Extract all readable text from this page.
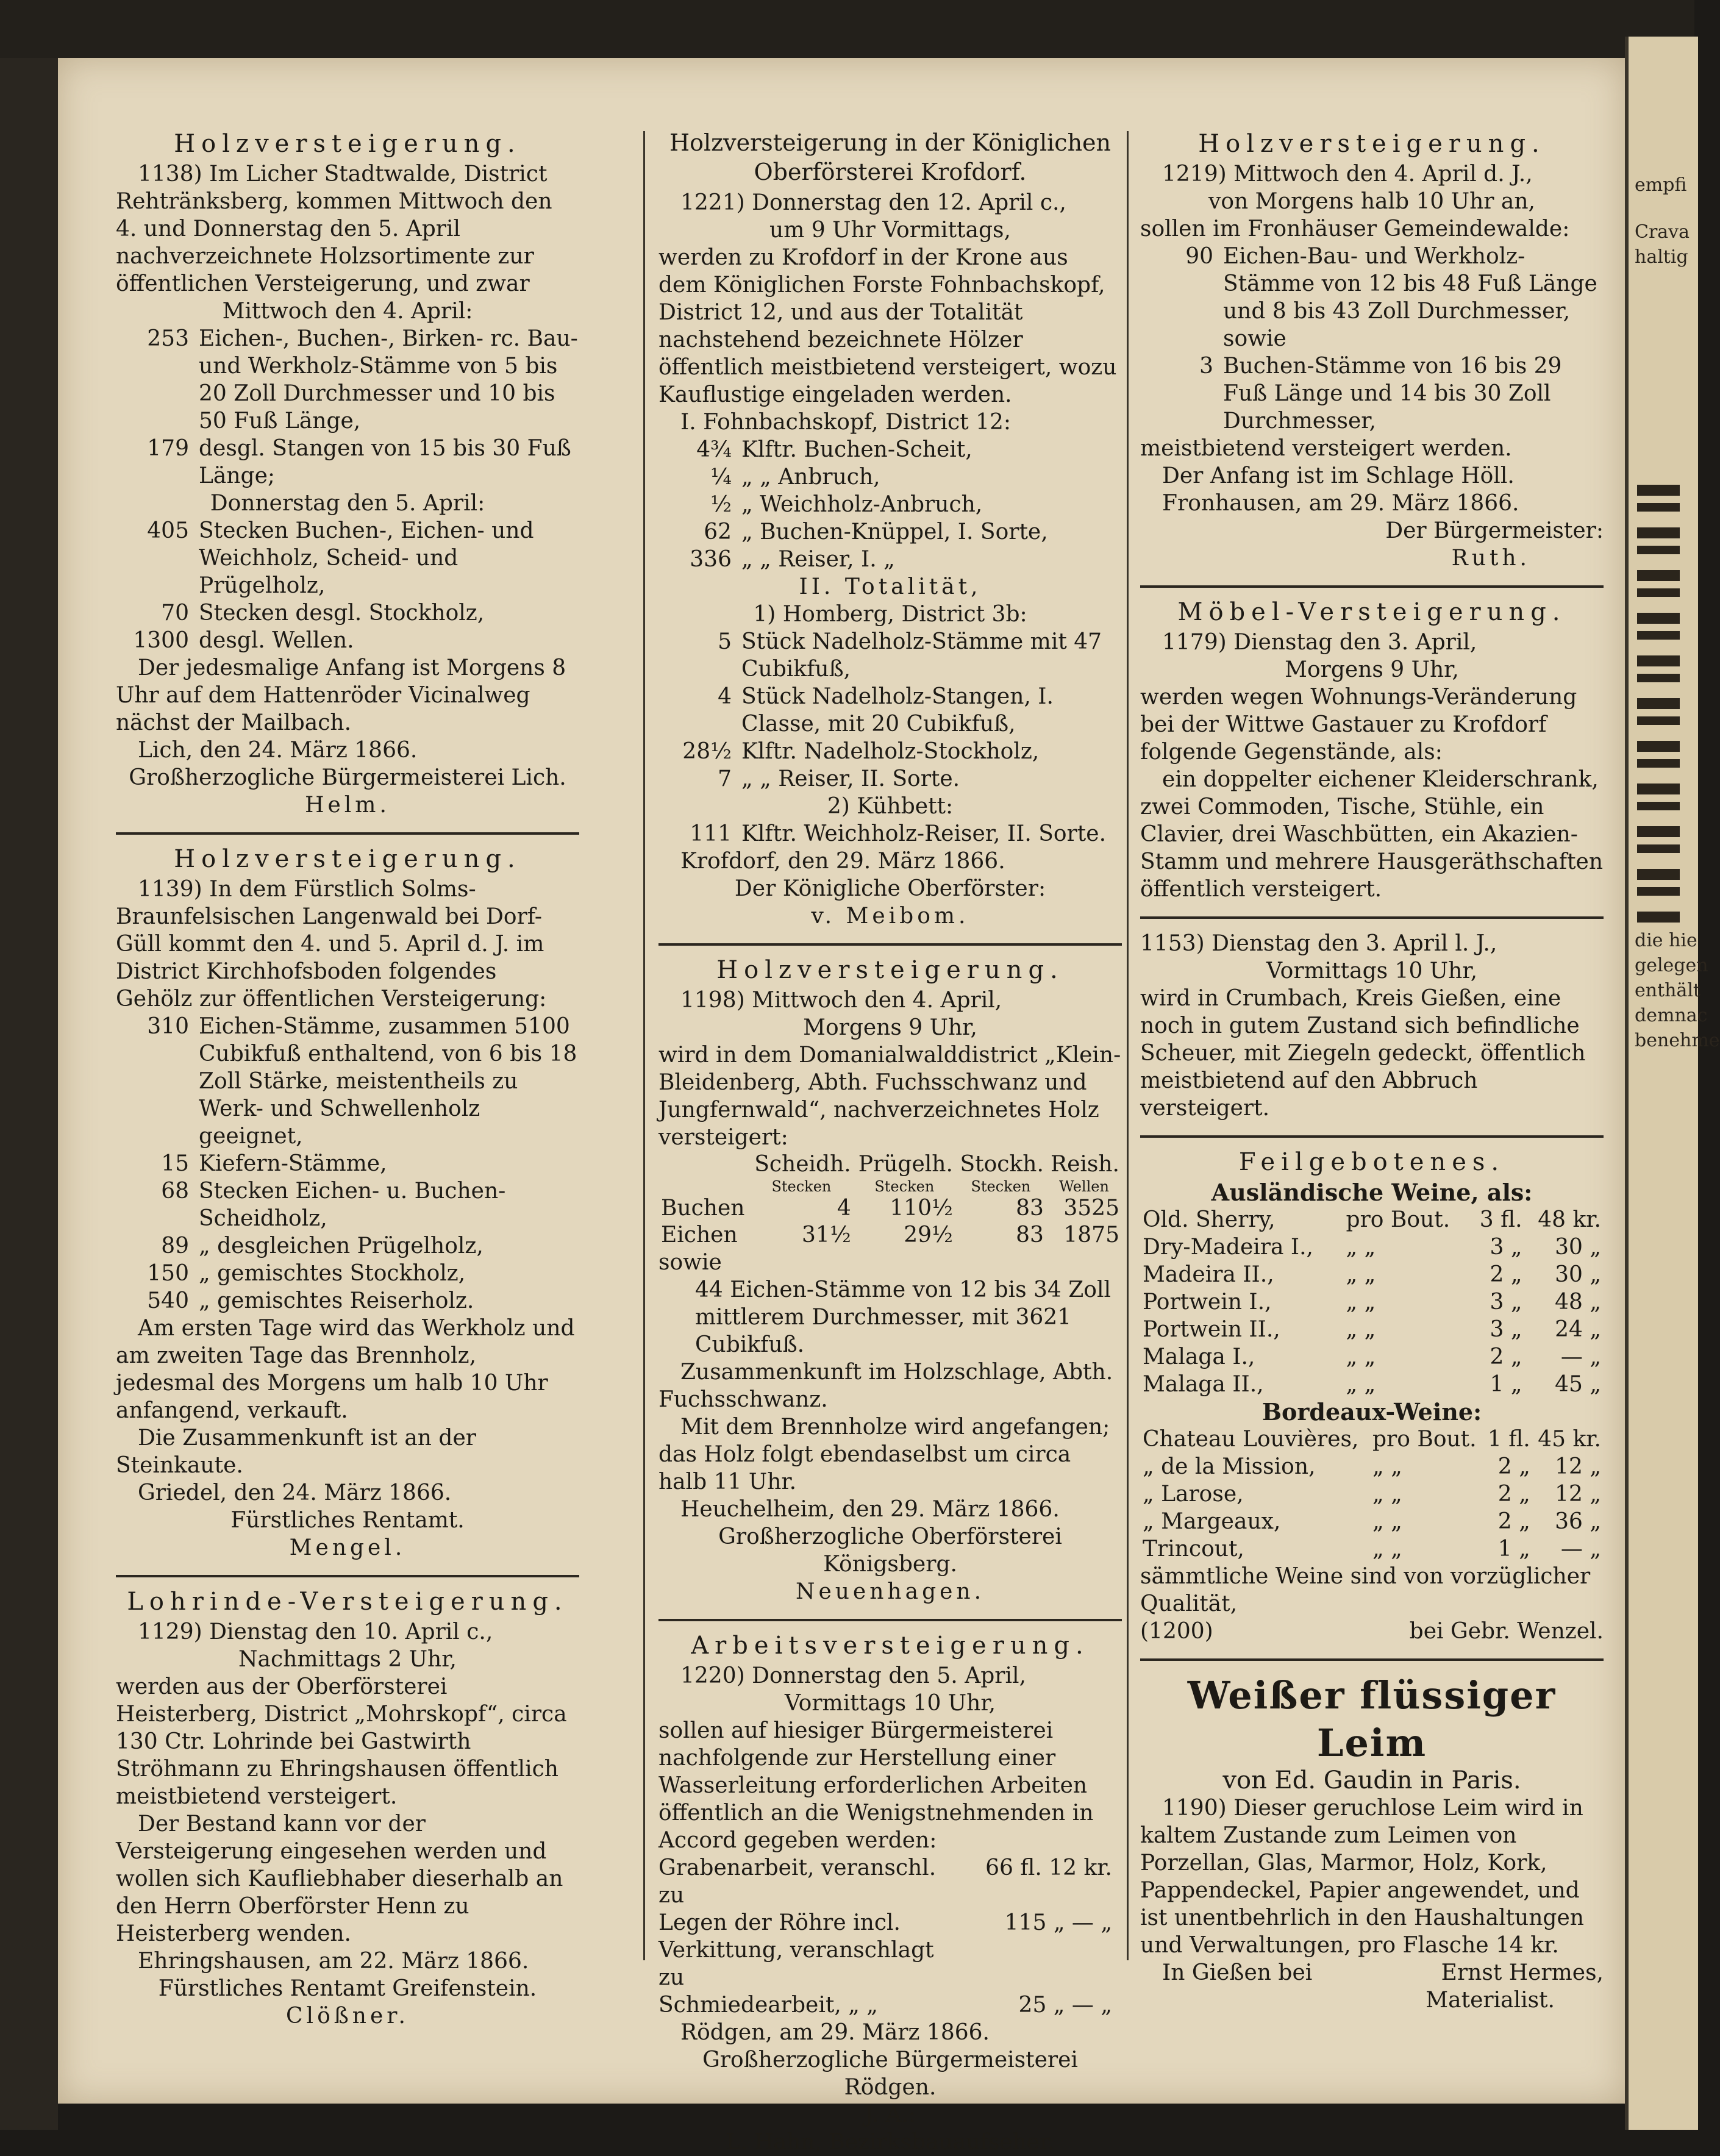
empfi
Crava
haltig
die hie
gelegen
enthält
demnac
benehme
Holzversteigerung.

1138) Im Licher Stadtwalde, District Rehtränksberg, kommen Mittwoch den 4. und Donnerstag den 5. April nachverzeichnete Holzsortimente zur öffentlichen Versteigerung, und zwar

Mittwoch den 4. April:

253 Eichen-, Buchen-, Birken- rc. Bau- und Werkholz-Stämme von 5 bis 20 Zoll Durchmesser und 10 bis 50 Fuß Länge,
179 desgl. Stangen von 15 bis 30 Fuß Länge;

Donnerstag den 5. April:

405 Stecken Buchen-, Eichen- und Weichholz, Scheid- und Prügelholz,
70 Stecken desgl. Stockholz,
1300 desgl. Wellen.

Der jedesmalige Anfang ist Morgens 8 Uhr auf dem Hattenröder Vicinalweg nächst der Mailbach.

Lich, den 24. März 1866.

Großherzogliche Bürgermeisterei Lich.

Helm.

Holzversteigerung.

1139) In dem Fürstlich Solms-Braunfelsischen Langenwald bei Dorf-Güll kommt den 4. und 5. April d. J. im District Kirchhofsboden folgendes Gehölz zur öffentlichen Versteigerung:

310 Eichen-Stämme, zusammen 5100 Cubikfuß enthaltend, von 6 bis 18 Zoll Stärke, meistentheils zu Werk- und Schwellenholz geeignet,
15 Kiefern-Stämme,
68 Stecken Eichen- u. Buchen-Scheidholz,
89 „ desgleichen Prügelholz,
150 „ gemischtes Stockholz,
540 „ gemischtes Reiserholz.

Am ersten Tage wird das Werkholz und am zweiten Tage das Brennholz, jedesmal des Morgens um halb 10 Uhr anfangend, verkauft.

Die Zusammenkunft ist an der Steinkaute.

Griedel, den 24. März 1866.

Fürstliches Rentamt.

Mengel.

Lohrinde-Versteigerung.

1129) Dienstag den 10. April c.,

Nachmittags 2 Uhr,

werden aus der Oberförsterei Heisterberg, District „Mohrskopf“, circa 130 Ctr. Lohrinde bei Gastwirth Ströhmann zu Ehringshausen öffentlich meistbietend versteigert.

Der Bestand kann vor der Versteigerung eingesehen werden und wollen sich Kaufliebhaber dieserhalb an den Herrn Oberförster Henn zu Heisterberg wenden.

Ehringshausen, am 22. März 1866.

Fürstliches Rentamt Greifenstein.

Clößner.

Holzversteigerung in der Königlichen Oberförsterei Krofdorf.

1221) Donnerstag den 12. April c.,

um 9 Uhr Vormittags,

werden zu Krofdorf in der Krone aus dem Königlichen Forste Fohnbachskopf, District 12, und aus der Totalität nachstehend bezeichnete Hölzer öffentlich meistbietend versteigert, wozu Kauflustige eingeladen werden.

I. Fohnbachskopf, District 12:

4¾ Klftr. Buchen-Scheit,
¼ „ „ Anbruch,
½ „ Weichholz-Anbruch,
62 „ Buchen-Knüppel, I. Sorte,
336 „ „ Reiser, I. „

II. Totalität,

1) Homberg, District 3b:

5 Stück Nadelholz-Stämme mit 47 Cubikfuß,
4 Stück Nadelholz-Stangen, I. Classe, mit 20 Cubikfuß,
28½ Klftr. Nadelholz-Stockholz,
7 „ „ Reiser, II. Sorte.

2) Kühbett:

111 Klftr. Weichholz-Reiser, II. Sorte.

Krofdorf, den 29. März 1866.

Der Königliche Oberförster:

v. Meibom.

Holzversteigerung.

1198) Mittwoch den 4. April,

Morgens 9 Uhr,

wird in dem Domanialwalddistrict „Klein-Bleidenberg, Abth. Fuchsschwanz und Jungfernwald“, nachverzeichnetes Holz versteigert:

	Scheidh.	Prügelh.	Stockh.	Reish.
	Stecken	Stecken	Stecken	Wellen
Buchen	4	110½	83	3525
Eichen	31½	29½	83	1875

sowie

44 Eichen-Stämme von 12 bis 34 Zoll mittlerem Durchmesser, mit 3621 Cubikfuß.

Zusammenkunft im Holzschlage, Abth. Fuchsschwanz.

Mit dem Brennholze wird angefangen; das Holz folgt ebendaselbst um circa halb 11 Uhr.

Heuchelheim, den 29. März 1866.

Großherzogliche Oberförsterei Königsberg.

Neuenhagen.

Arbeitsversteigerung.

1220) Donnerstag den 5. April,

Vormittags 10 Uhr,

sollen auf hiesiger Bürgermeisterei nachfolgende zur Herstellung einer Wasserleitung erforderlichen Arbeiten öffentlich an die Wenigstnehmenden in Accord gegeben werden:

Grabenarbeit, veranschl. zu
66 fl. 12 kr.
Legen der Röhre incl. Verkittung, veranschlagt zu
115 „ — „
Schmiedearbeit, „ „	25 „ — „

Rödgen, am 29. März 1866.

Großherzogliche Bürgermeisterei Rödgen.

J. A.:

L. Hahn, Bezirksbauaufseher.

Holzversteigerung.

1219) Mittwoch den 4. April d. J.,

von Morgens halb 10 Uhr an,

sollen im Fronhäuser Gemeindewalde:

90 Eichen-Bau- und Werkholz-Stämme von 12 bis 48 Fuß Länge und 8 bis 43 Zoll Durchmesser, sowie
3 Buchen-Stämme von 16 bis 29 Fuß Länge und 14 bis 30 Zoll Durchmesser,

meistbietend versteigert werden.

Der Anfang ist im Schlage Höll.

Fronhausen, am 29. März 1866.

Der Bürgermeister:

Ruth.

Möbel-Versteigerung.

1179) Dienstag den 3. April,

Morgens 9 Uhr,

werden wegen Wohnungs-Veränderung bei der Wittwe Gastauer zu Krofdorf folgende Gegenstände, als:

ein doppelter eichener Kleiderschrank, zwei Commoden, Tische, Stühle, ein Clavier, drei Waschbütten, ein Akazien-Stamm und mehrere Hausgeräthschaften öffentlich versteigert.

1153) Dienstag den 3. April l. J.,

Vormittags 10 Uhr,

wird in Crumbach, Kreis Gießen, eine noch in gutem Zustand sich befindliche Scheuer, mit Ziegeln gedeckt, öffentlich meistbietend auf den Abbruch versteigert.

Feilgebotenes.

Ausländische Weine, als:

Old. Sherry,	pro Bout.	3 fl.	48 kr.
Dry-Madeira I.,	„ „	3 „	30 „
Madeira II.,	„ „	2 „	30 „
Portwein I.,	„ „	3 „	48 „
Portwein II.,	„ „	3 „	24 „
Malaga I.,	„ „	2 „	— „
Malaga II.,	„ „	1 „	45 „

Bordeaux-Weine:

Chateau Louvières,	pro Bout.	1 fl.	45 kr.
„ de la Mission,	„ „	2 „	12 „
„ Larose,	„ „	2 „	12 „
„ Margeaux,	„ „	2 „	36 „
Trincout,	„ „	1 „	— „

sämmtliche Weine sind von vorzüglicher Qualität,

(1200)	bei Gebr. Wenzel.
Weißer flüssiger Leim

von Ed. Gaudin in Paris.

1190) Dieser geruchlose Leim wird in kaltem Zustande zum Leimen von Porzellan, Glas, Marmor, Holz, Kork, Pappendeckel, Papier angewendet, und ist unentbehrlich in den Haushaltungen und Verwaltungen, pro Flasche 14 kr.

In Gießen bei	Ernst Hermes,

Materialist.
